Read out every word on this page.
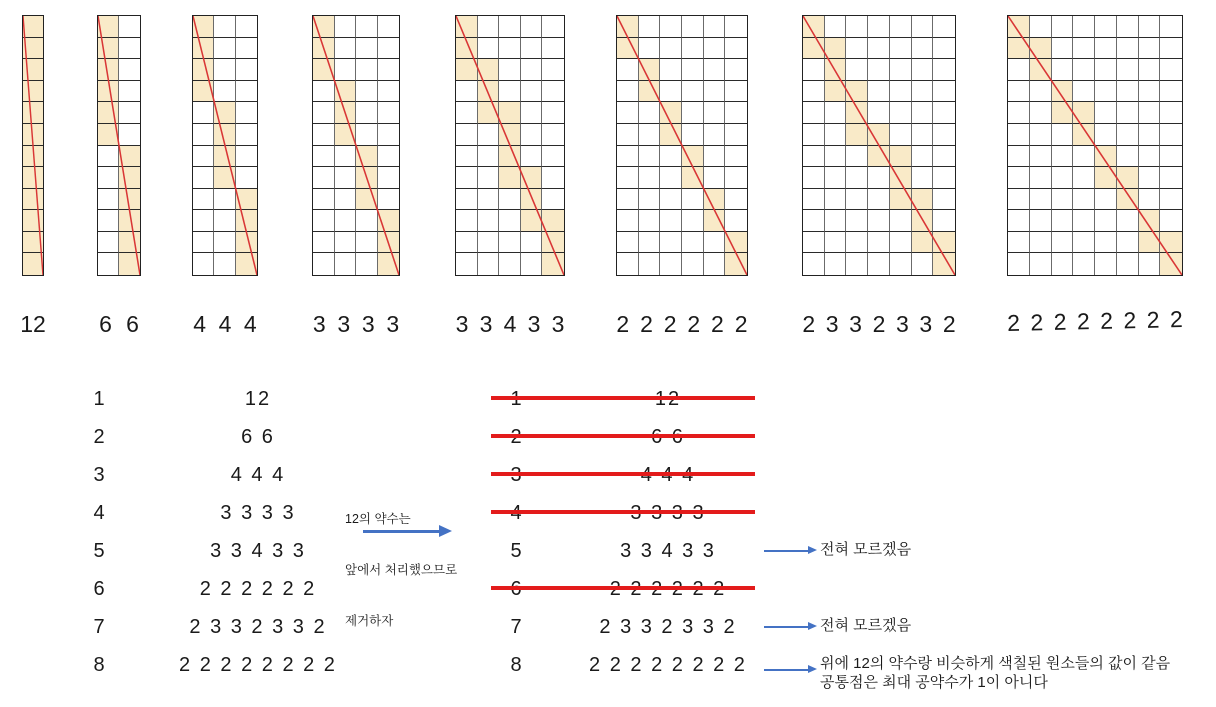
12 6 6 4 4 4 3 3 3 3 3 3 4 3 3 2 2 2 2 2 2 2 3 3 2 3 3 2 2 2 2 2 2 2 2 2
1	12
2	6 6
3	4 4 4
4	3 3 3 3
5	3 3 4 3 3
6	2 2 2 2 2 2
7	2 3 3 2 3 3 2
8	2 2 2 2 2 2 2 2
5	3 3 4 3 3	전혀 모르겠음
7	2 3 3 2 3 3 2	전혀 모르겠음
8	2 2 2 2 2 2 2 2	위에 12의 약수랑 비슷하게 색칠된 원소들의 값이 같음
공통점은 최대 공약수가 1이 아니다

12의 약수는

앞에서 처리했으므로

제거하자
